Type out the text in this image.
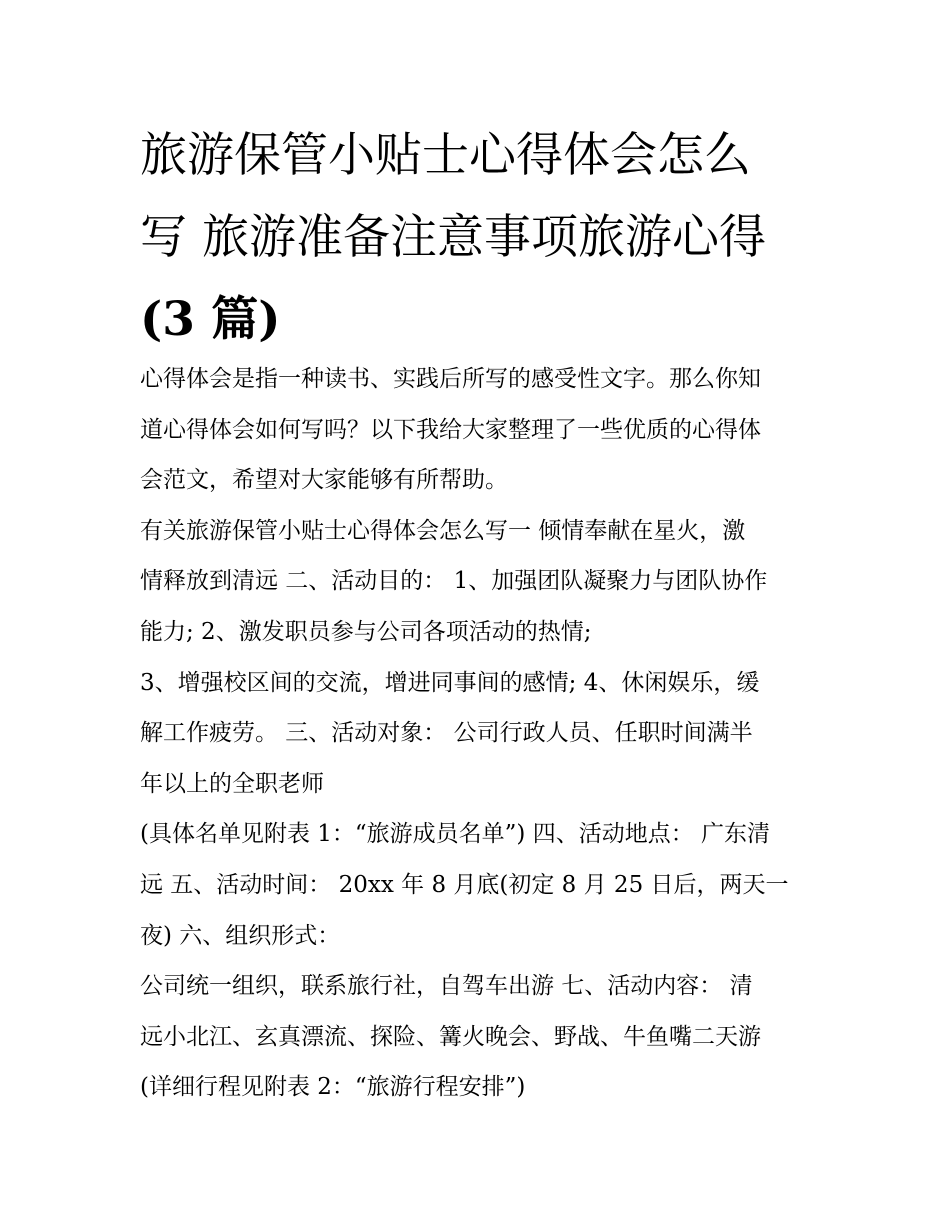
旅游保管小贴士心得体会怎么
写 旅游准备注意事项旅游心得
(3 篇)
心得体会是指一种读书、实践后所写的感受性文字。那么你知
道心得体会如何写吗？以下我给大家整理了一些优质的心得体
会范文，希望对大家能够有所帮助。
有关旅游保管小贴士心得体会怎么写一 倾情奉献在星火，激
情释放到清远 二、活动目的： 1、加强团队凝聚力与团队协作
能力; 2、激发职员参与公司各项活动的热情;
3、增强校区间的交流，增进同事间的感情; 4、休闲娱乐，缓
解工作疲劳。 三、活动对象： 公司行政人员、任职时间满半
年以上的全职老师
(具体名单见附表 1：“旅游成员名单”) 四、活动地点： 广东清
远 五、活动时间： 20xx 年 8 月底(初定 8 月 25 日后，两天一
夜) 六、组织形式：
公司统一组织，联系旅行社，自驾车出游 七、活动内容： 清
远小北江、玄真漂流、探险、篝火晚会、野战、牛鱼嘴二天游
(详细行程见附表 2：“旅游行程安排”)
